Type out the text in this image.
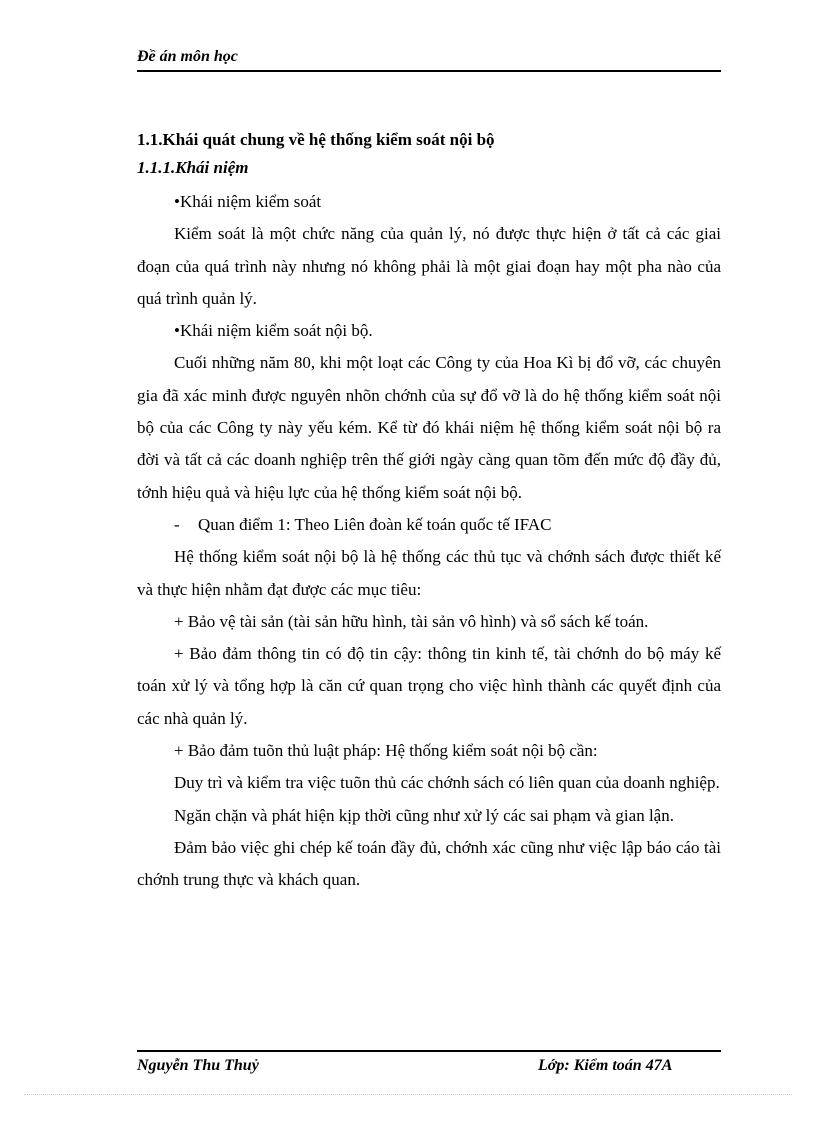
Đề án môn học

1.1.Khái quát chung về hệ thống kiểm soát nội bộ

1.1.1.Khái niệm

•Khái niệm kiểm soát

Kiểm soát là một chức năng của quản lý, nó được thực hiện ở tất cả các giai đoạn của quá trình này nhưng nó không phải là một giai đoạn hay một pha nào của quá trình quản lý.

•Khái niệm kiểm soát nội bộ.

Cuối những năm 80, khi một loạt các Công ty của Hoa Kì bị đổ vỡ, các chuyên gia đã xác minh được nguyên nhõn chớnh của sự đổ vỡ là do hệ thống kiểm soát nội bộ của các Công ty này yếu kém. Kể từ đó khái niệm hệ thống kiểm soát nội bộ ra đời và tất cả các doanh nghiệp trên thế giới ngày càng quan tõm đến mức độ đầy đủ, tớnh hiệu quả và hiệu lực của hệ thống kiểm soát nội bộ.

- Quan điểm 1: Theo Liên đoàn kế toán quốc tế IFAC

Hệ thống kiểm soát nội bộ là hệ thống các thủ tục và chớnh sách được thiết kế và thực hiện nhằm đạt được các mục tiêu:

+ Bảo vệ tài sản (tài sản hữu hình, tài sản vô hình) và sổ sách kế toán.

+ Bảo đảm thông tin có độ tin cậy: thông tin kinh tế, tài chớnh do bộ máy kế toán xử lý và tổng hợp là căn cứ quan trọng cho việc hình thành các quyết định của các nhà quản lý.

+ Bảo đảm tuõn thủ luật pháp: Hệ thống kiểm soát nội bộ cần:

Duy trì và kiểm tra việc tuõn thủ các chớnh sách có liên quan của doanh nghiệp.

Ngăn chặn và phát hiện kịp thời cũng như xử lý các sai phạm và gian lận.

Đảm bảo việc ghi chép kế toán đầy đủ, chớnh xác cũng như việc lập báo cáo tài chớnh trung thực và khách quan.

Nguyễn Thu Thuỷ	Lớp: Kiểm toán 47A
